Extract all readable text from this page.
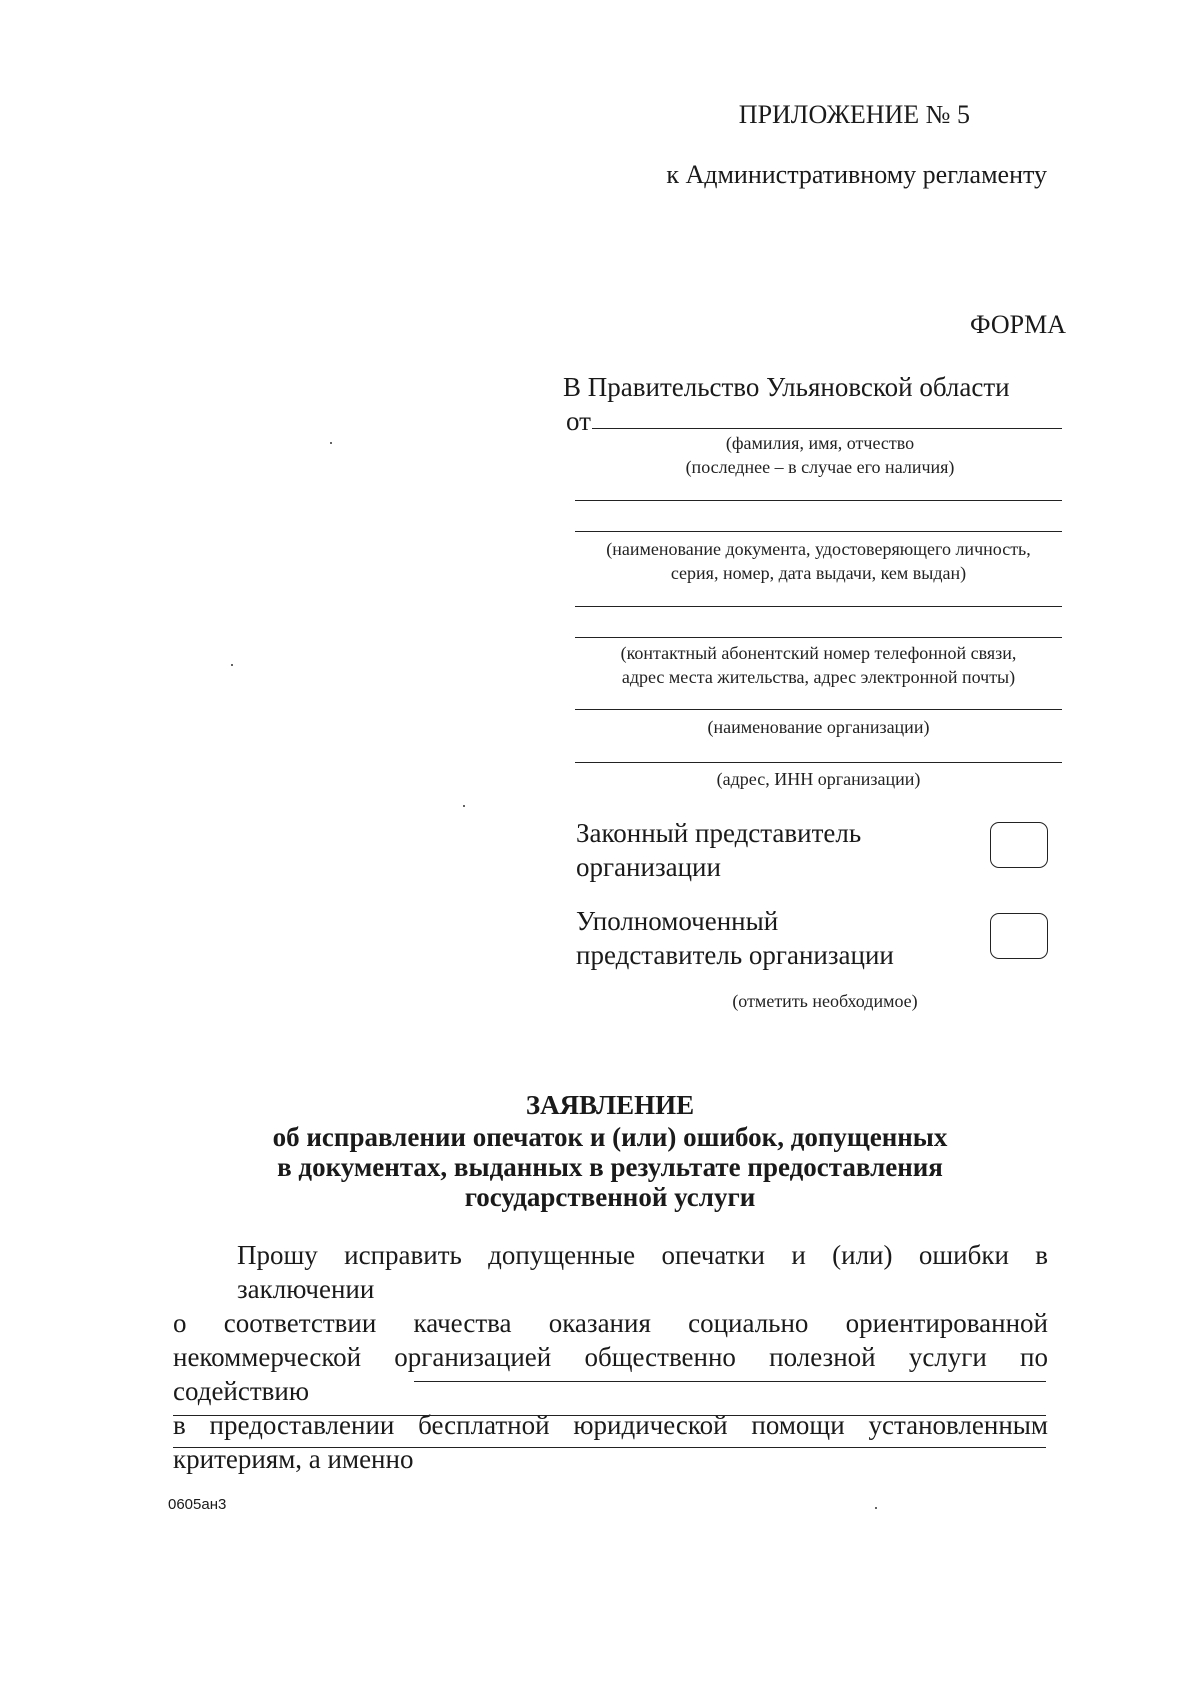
ПРИЛОЖЕНИЕ № 5
к Административному регламенту
ФОРМА
В Правительство Ульяновской области
от
(фамилия, имя, отчество
(последнее – в случае его наличия)
(наименование документа, удостоверяющего личность,
серия, номер, дата выдачи, кем выдан)
(контактный абонентский номер телефонной связи,
адрес места жительства, адрес электронной почты)
(наименование организации)
(адрес, ИНН организации)
Законный представитель
организации
Уполномоченный
представитель организации
(отметить необходимое)
ЗАЯВЛЕНИЕ
об исправлении опечаток и (или) ошибок, допущенных
в документах, выданных в результате предоставления
государственной услуги
Прошу исправить допущенные опечатки и (или) ошибки в заключении
о соответствии качества оказания социально ориентированной
некоммерческой организацией общественно полезной услуги по содействию
в предоставлении бесплатной юридической помощи установленным
критериям, а именно
0605ан3
